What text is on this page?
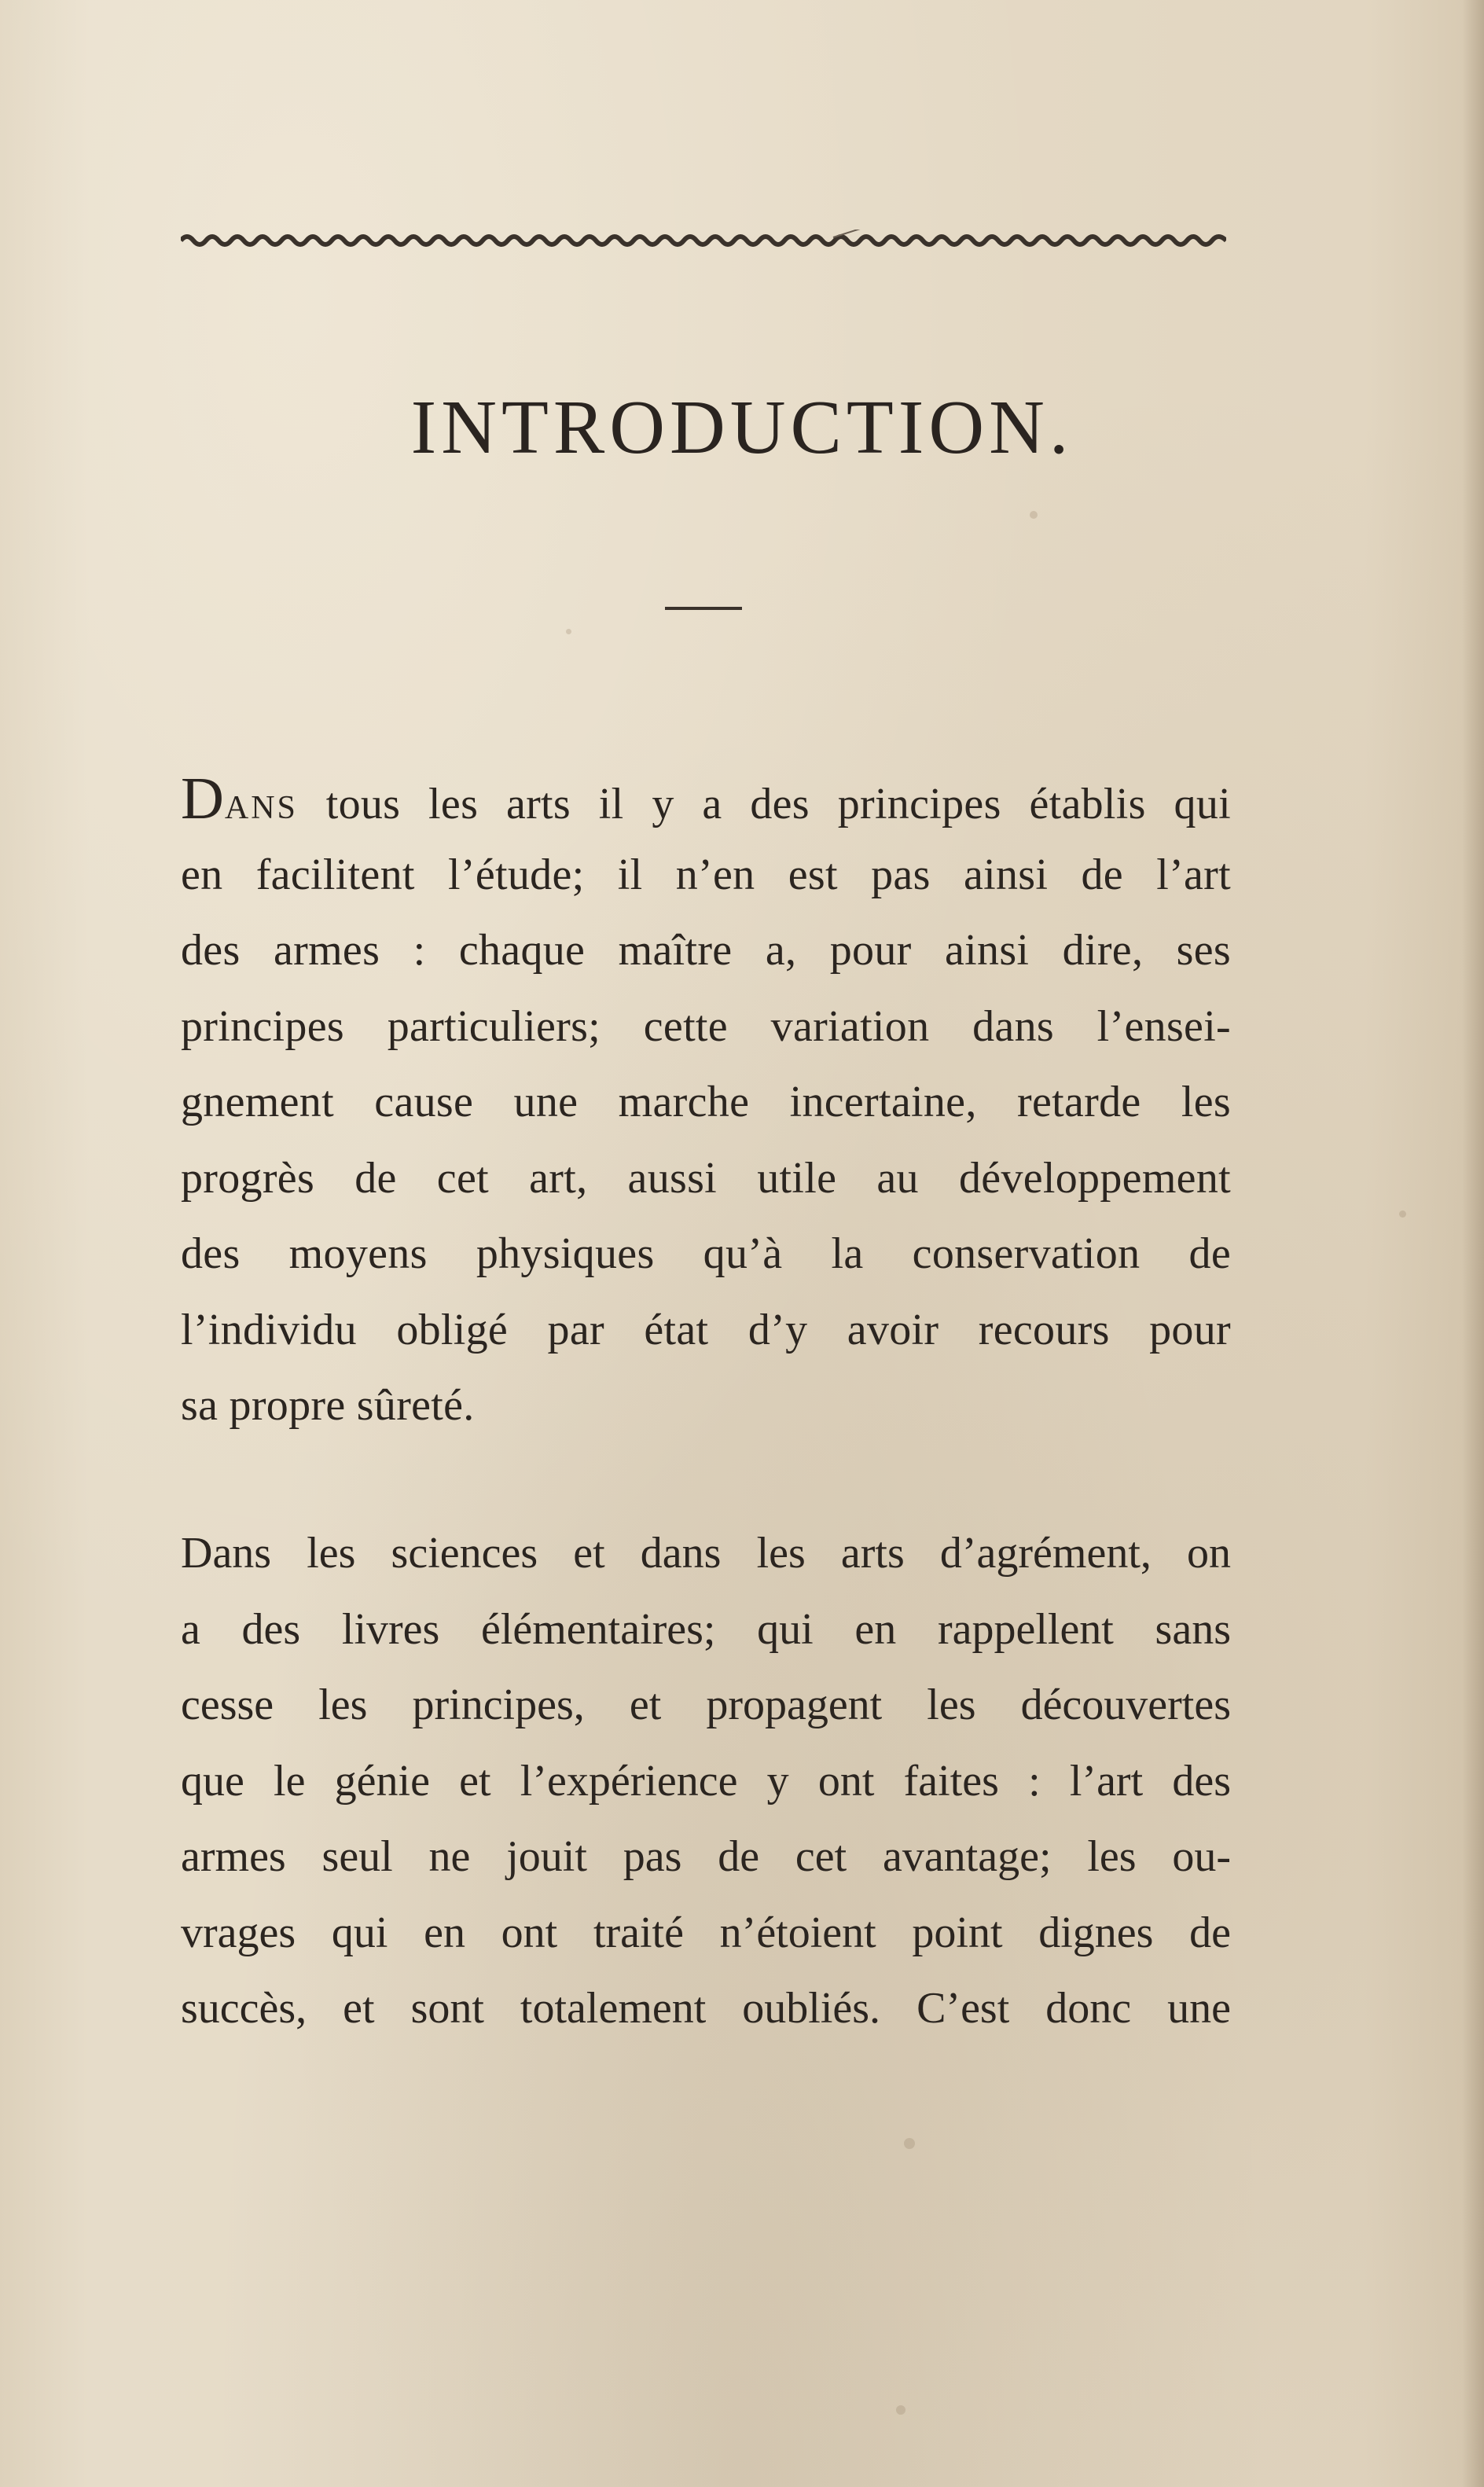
INTRODUCTION.

DANS tous les arts il y a des principes établis qui
en facilitent l’étude; il n’en est pas ainsi de l’art
des armes : chaque maître a, pour ainsi dire, ses
principes particuliers; cette variation dans l’ensei-
gnement cause une marche incertaine, retarde les
progrès de cet art, aussi utile au développement
des moyens physiques qu’à la conservation de
l’individu obligé par état d’y avoir recours pour
sa propre sûreté.

Dans les sciences et dans les arts d’agrément, on
a des livres élémentaires; qui en rappellent sans
cesse les principes, et propagent les découvertes
que le génie et l’expérience y ont faites : l’art des
armes seul ne jouit pas de cet avantage; les ou-
vrages qui en ont traité n’étoient point dignes de
succès, et sont totalement oubliés. C’est donc une
